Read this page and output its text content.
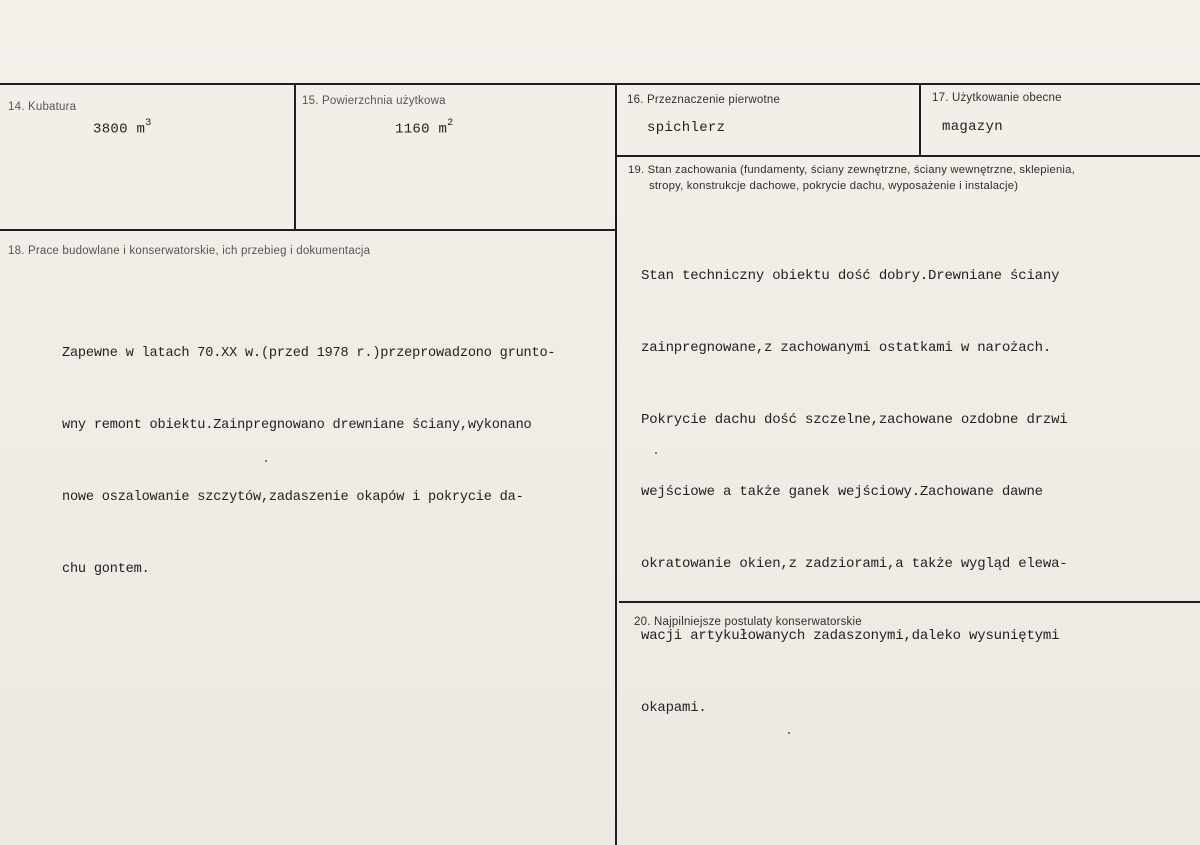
14. Kubatura
3800 $m^3$
15. Powierzchnia użytkowa
1160 $m^2$
16. Przeznaczenie pierwotne
spichlerz
17. Użytkowanie obecne
magazyn
19. Stan zachowania (fundamenty, ściany zewnętrzne, ściany wewnętrzne, sklepienia,
stropy, konstrukcje dachowe, pokrycie dachu, wyposażenie i instalacje)

Stan techniczny obiektu dość dobry.Drewniane ściany

zainpregnowane,z zachowanymi ostatkami w narożach.

Pokrycie dachu dość szczelne,zachowane ozdobne drzwi

wejściowe a także ganek wejściowy.Zachowane dawne

okratowanie okien,z zadziorami,a także wygląd elewa-

wacji artykułowanych zadaszonymi,daleko wysuniętymi

okapami.

18. Prace budowlane i konserwatorskie, ich przebieg i dokumentacja

Zapewne w latach 70.XX w.(przed 1978 r.)przeprowadzono grunto-

wny remont obiektu.Zainpregnowano drewniane ściany,wykonano

nowe oszalowanie szczytów,zadaszenie okapów i pokrycie da-

chu gontem.

20. Najpilniejsze postulaty konserwatorskie
